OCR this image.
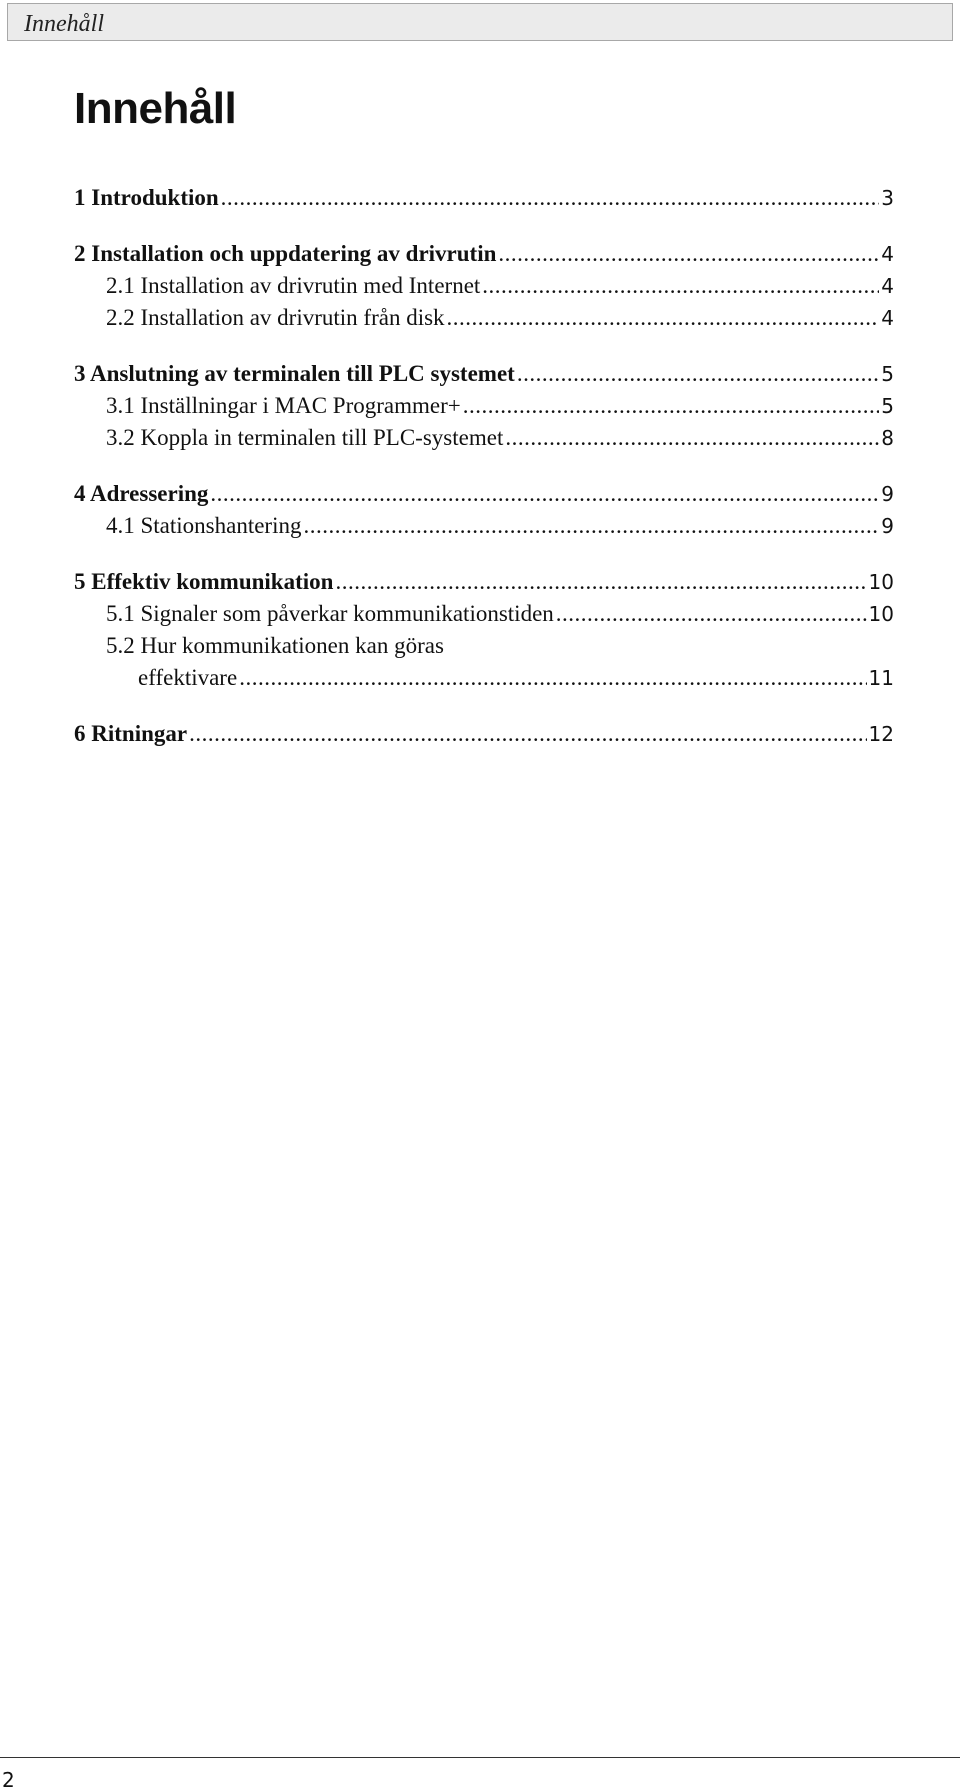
Innehåll
Innehåll
1 Introduktion .....	3
2 Installation och uppdatering av drivrutin .....	4
2.1 Installation av drivrutin med Internet .....	4
2.2 Installation av drivrutin från disk .....	4
3 Anslutning av terminalen till PLC systemet .....	5
3.1 Inställningar i MAC Programmer+ .....	5
3.2 Koppla in terminalen till PLC-systemet .....	8
4 Adressering .....	9
4.1 Stationshantering .....	9
5 Effektiv kommunikation .....	10
5.1 Signaler som påverkar kommunikationstiden .....	10
5.2 Hur kommunikationen kan göras
effektivare .....	11
6 Ritningar .....	12
2
